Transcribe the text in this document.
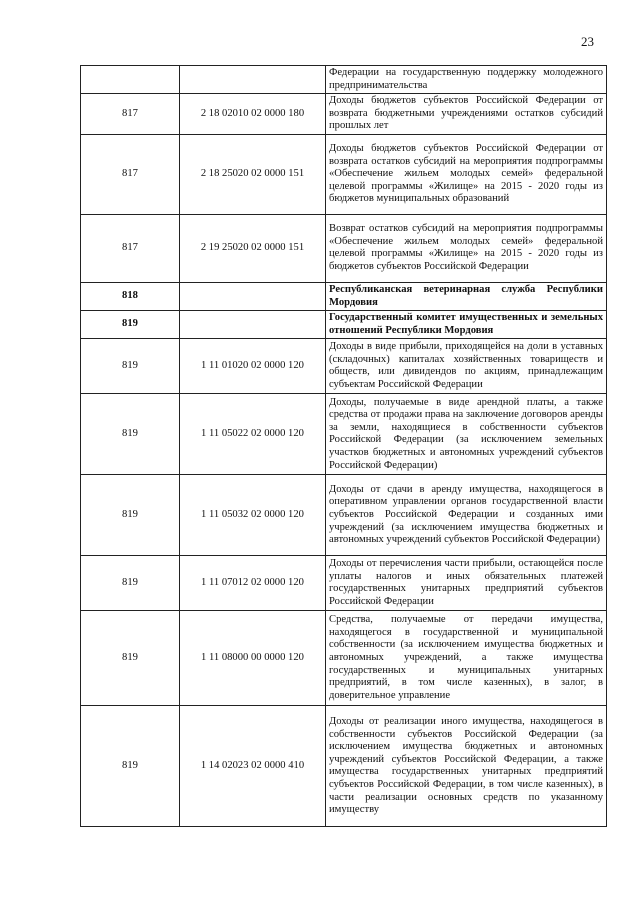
23
		Федерации на государственную поддержку молодежного предпринимательства
817	2 18 02010 02 0000 180	Доходы бюджетов субъектов Российской Федерации от возврата бюджетными учреждениями остатков субсидий прошлых лет
817	2 18 25020 02 0000 151	Доходы бюджетов субъектов Российской Федерации от возврата остатков субсидий на мероприятия подпрограммы «Обеспечение жильем молодых семей» федеральной целевой программы «Жилище» на 2015 - 2020 годы из бюджетов муниципальных образований
817	2 19 25020 02 0000 151	Возврат остатков субсидий на мероприятия подпрограммы «Обеспечение жильем молодых семей» федеральной целевой программы «Жилище» на 2015 - 2020 годы из бюджетов субъектов Российской Федерации
818		Республиканская ветеринарная служба Республики Мордовия
819		Государственный комитет имущественных и земельных отношений Республики Мордовия
819	1 11 01020 02 0000 120	Доходы в виде прибыли, приходящейся на доли в уставных (складочных) капиталах хозяйственных товариществ и обществ, или дивидендов по акциям, принадлежащим субъектам Российской Федерации
819	1 11 05022 02 0000 120	Доходы, получаемые в виде арендной платы, а также средства от продажи права на заключение договоров аренды за земли, находящиеся в собственности субъектов Российской Федерации (за исключением земельных участков бюджетных и автономных учреждений субъектов Российской Федерации)
819	1 11 05032 02 0000 120	Доходы от сдачи в аренду имущества, находящегося в оперативном управлении органов государственной власти субъектов Российской Федерации и созданных ими учреждений (за исключением имущества бюджетных и автономных учреждений субъектов Российской Федерации)
819	1 11 07012 02 0000 120	Доходы от перечисления части прибыли, остающейся после уплаты налогов и иных обязательных платежей государственных унитарных предприятий субъектов Российской Федерации
819	1 11 08000 00 0000 120	Средства, получаемые от передачи имущества, находящегося в государственной и муниципальной собственности (за исключением имущества бюджетных и автономных учреждений, а также имущества государственных и муниципальных унитарных предприятий, в том числе казенных), в залог, в доверительное управление
819	1 14 02023 02 0000 410	Доходы от реализации иного имущества, находящегося в собственности субъектов Российской Федерации (за исключением имущества бюджетных и автономных учреждений субъектов Российской Федерации, а также имущества государственных унитарных предприятий субъектов Российской Федерации, в том числе казенных), в части реализации основных средств по указанному имуществу
